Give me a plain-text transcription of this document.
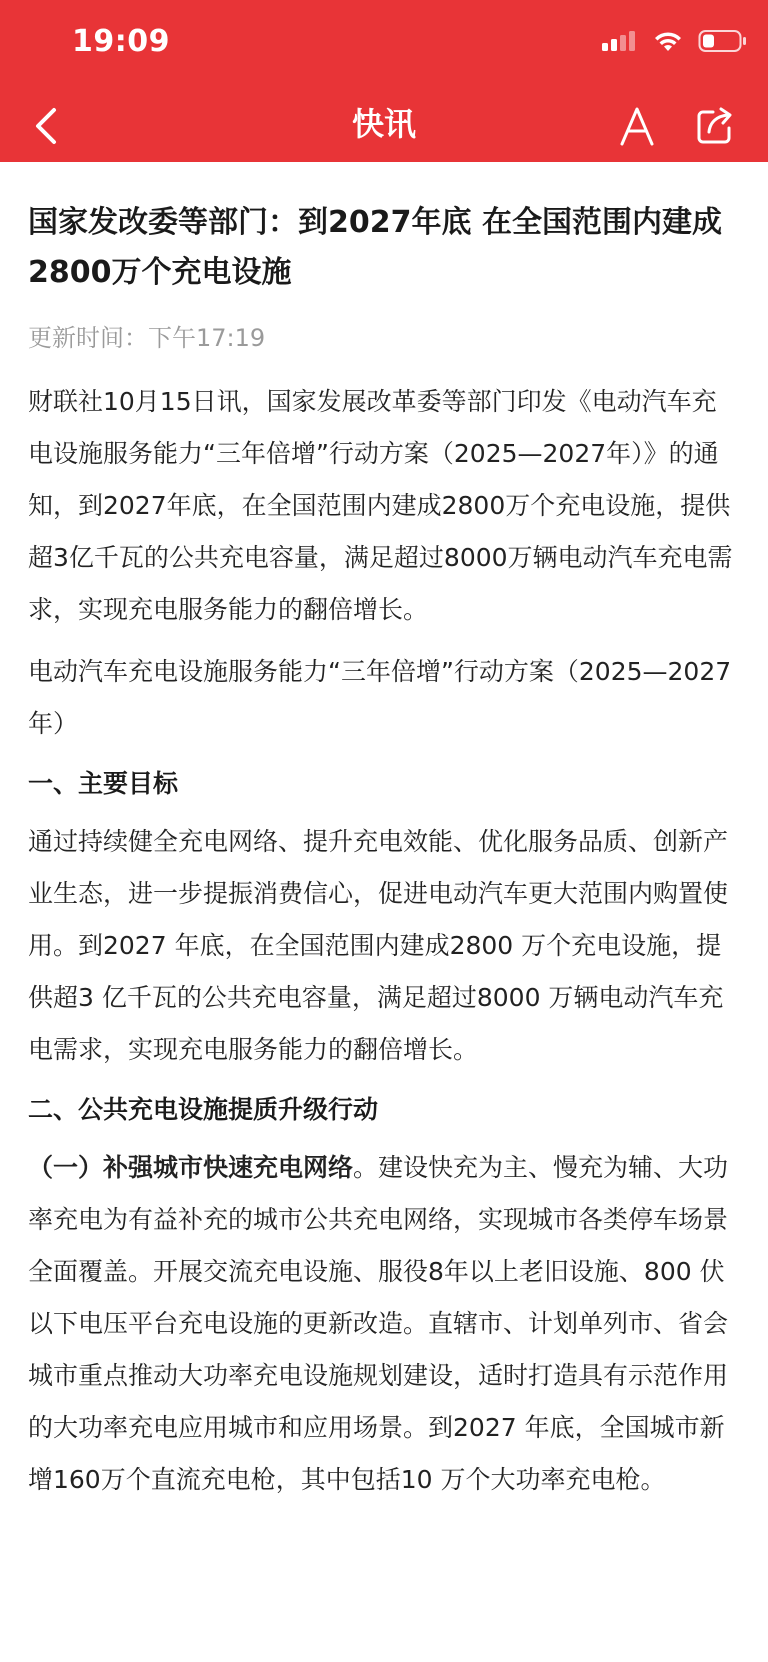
19:09
快讯
国家发改委等部门：到2027年底 在全国范围内建成2800万个充电设施
更新时间：下午17:19

财联社10月15日讯，国家发展改革委等部门印发《电动汽车充电设施服务能力“三年倍增”行动方案（2025—2027年）》的通知，到2027年底，在全国范围内建成2800万个充电设施，提供超3亿千瓦的公共充电容量，满足超过8000万辆电动汽车充电需求，实现充电服务能力的翻倍增长。

电动汽车充电设施服务能力“三年倍增”行动方案（2025—2027 年）

一、主要目标

通过持续健全充电网络、提升充电效能、优化服务品质、创新产业生态，进一步提振消费信心，促进电动汽车更大范围内购置使用。到2027 年底，在全国范围内建成2800 万个充电设施，提供超3 亿千瓦的公共充电容量，满足超过8000 万辆电动汽车充电需求，实现充电服务能力的翻倍增长。

二、公共充电设施提质升级行动

（一）补强城市快速充电网络。建设快充为主、慢充为辅、大功率充电为有益补充的城市公共充电网络，实现城市各类停车场景全面覆盖。开展交流充电设施、服役8年以上老旧设施、800 伏以下电压平台充电设施的更新改造。直辖市、计划单列市、省会城市重点推动大功率充电设施规划建设，适时打造具有示范作用的大功率充电应用城市和应用场景。到2027 年底，全国城市新增160万个直流充电枪，其中包括10 万个大功率充电枪。
